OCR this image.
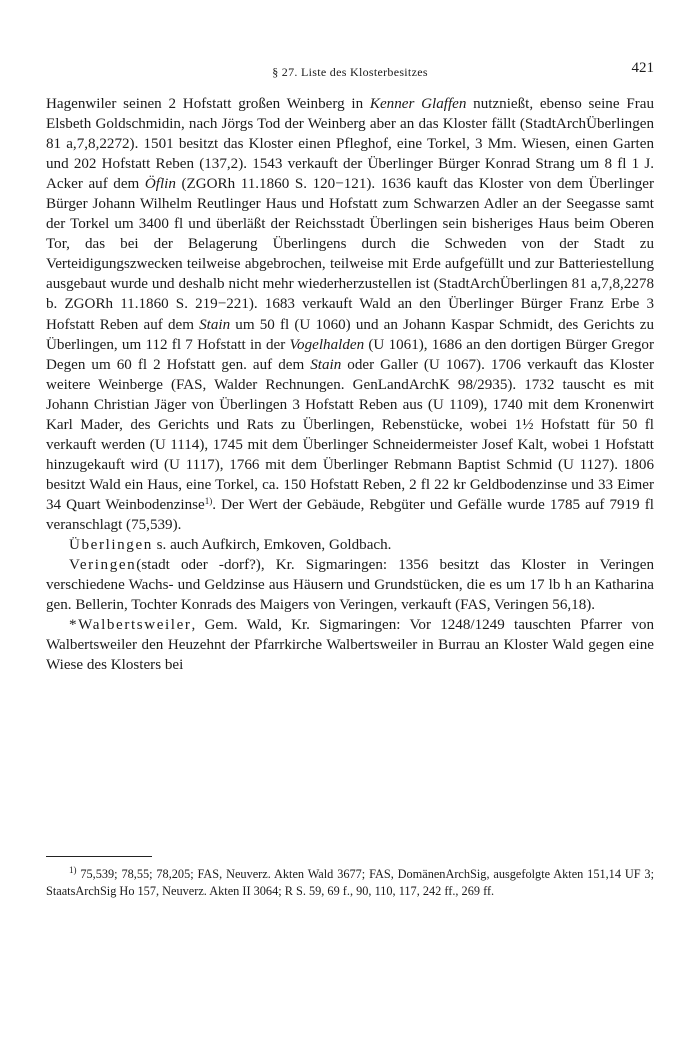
§ 27. Liste des Klosterbesitzes	421

Hagenwiler seinen 2 Hofstatt großen Weinberg in Kenner Glaffen nutznießt, ebenso seine Frau Elsbeth Goldschmidin, nach Jörgs Tod der Weinberg aber an das Kloster fällt (StadtArchÜberlingen 81 a,7,8,2272). 1501 besitzt das Kloster einen Pfleghof, eine Torkel, 3 Mm. Wiesen, einen Garten und 202 Hofstatt Reben (137,2). 1543 verkauft der Überlinger Bürger Konrad Strang um 8 fl 1 J. Acker auf dem Öflin (ZGORh 11.1860 S. 120−121). 1636 kauft das Kloster von dem Überlinger Bürger Johann Wilhelm Reutlinger Haus und Hofstatt zum Schwarzen Adler an der Seegasse samt der Torkel um 3400 fl und überläßt der Reichsstadt Überlingen sein bisheriges Haus beim Oberen Tor, das bei der Belagerung Überlingens durch die Schweden von der Stadt zu Verteidigungszwecken teilweise abgebrochen, teilweise mit Erde aufgefüllt und zur Batteriestellung ausgebaut wurde und deshalb nicht mehr wiederherzustellen ist (StadtArchÜberlingen 81 a,7,8,2278 b. ZGORh 11.1860 S. 219−221). 1683 verkauft Wald an den Überlinger Bürger Franz Erbe 3 Hofstatt Reben auf dem Stain um 50 fl (U 1060) und an Johann Kaspar Schmidt, des Gerichts zu Überlingen, um 112 fl 7 Hofstatt in der Vogelhalden (U 1061), 1686 an den dortigen Bürger Gregor Degen um 60 fl 2 Hofstatt gen. auf dem Stain oder Galler (U 1067). 1706 verkauft das Kloster weitere Weinberge (FAS, Walder Rechnungen. GenLandArchK 98/2935). 1732 tauscht es mit Johann Christian Jäger von Überlingen 3 Hofstatt Reben aus (U 1109), 1740 mit dem Kronenwirt Karl Mader, des Gerichts und Rats zu Überlingen, Rebenstücke, wobei 1½ Hofstatt für 50 fl verkauft werden (U 1114), 1745 mit dem Überlinger Schneidermeister Josef Kalt, wobei 1 Hofstatt hinzugekauft wird (U 1117), 1766 mit dem Überlinger Rebmann Baptist Schmid (U 1127). 1806 besitzt Wald ein Haus, eine Torkel, ca. 150 Hofstatt Reben, 2 fl 22 kr Geldbodenzinse und 33 Eimer 34 Quart Weinbodenzinse$^{1)}$. Der Wert der Gebäude, Rebgüter und Gefälle wurde 1785 auf 7919 fl veranschlagt (75,539).

Überlingen s. auch Aufkirch, Emkoven, Goldbach.

Veringen(stadt oder -dorf?), Kr. Sigmaringen: 1356 besitzt das Kloster in Veringen verschiedene Wachs- und Geldzinse aus Häusern und Grundstücken, die es um 17 lb h an Katharina gen. Bellerin, Tochter Konrads des Maigers von Veringen, verkauft (FAS, Veringen 56,18).

*Walbertsweiler, Gem. Wald, Kr. Sigmaringen: Vor 1248/1249 tauschten Pfarrer von Walbertsweiler den Heuzehnt der Pfarrkirche Walbertsweiler in Burrau an Kloster Wald gegen eine Wiese des Klosters bei

$^{1)}$ 75,539; 78,55; 78,205; FAS, Neuverz. Akten Wald 3677; FAS, DomänenArchSig, ausgefolgte Akten 151,14 UF 3; StaatsArchSig Ho 157, Neuverz. Akten II 3064; R S. 59, 69 f., 90, 110, 117, 242 ff., 269 ff.
